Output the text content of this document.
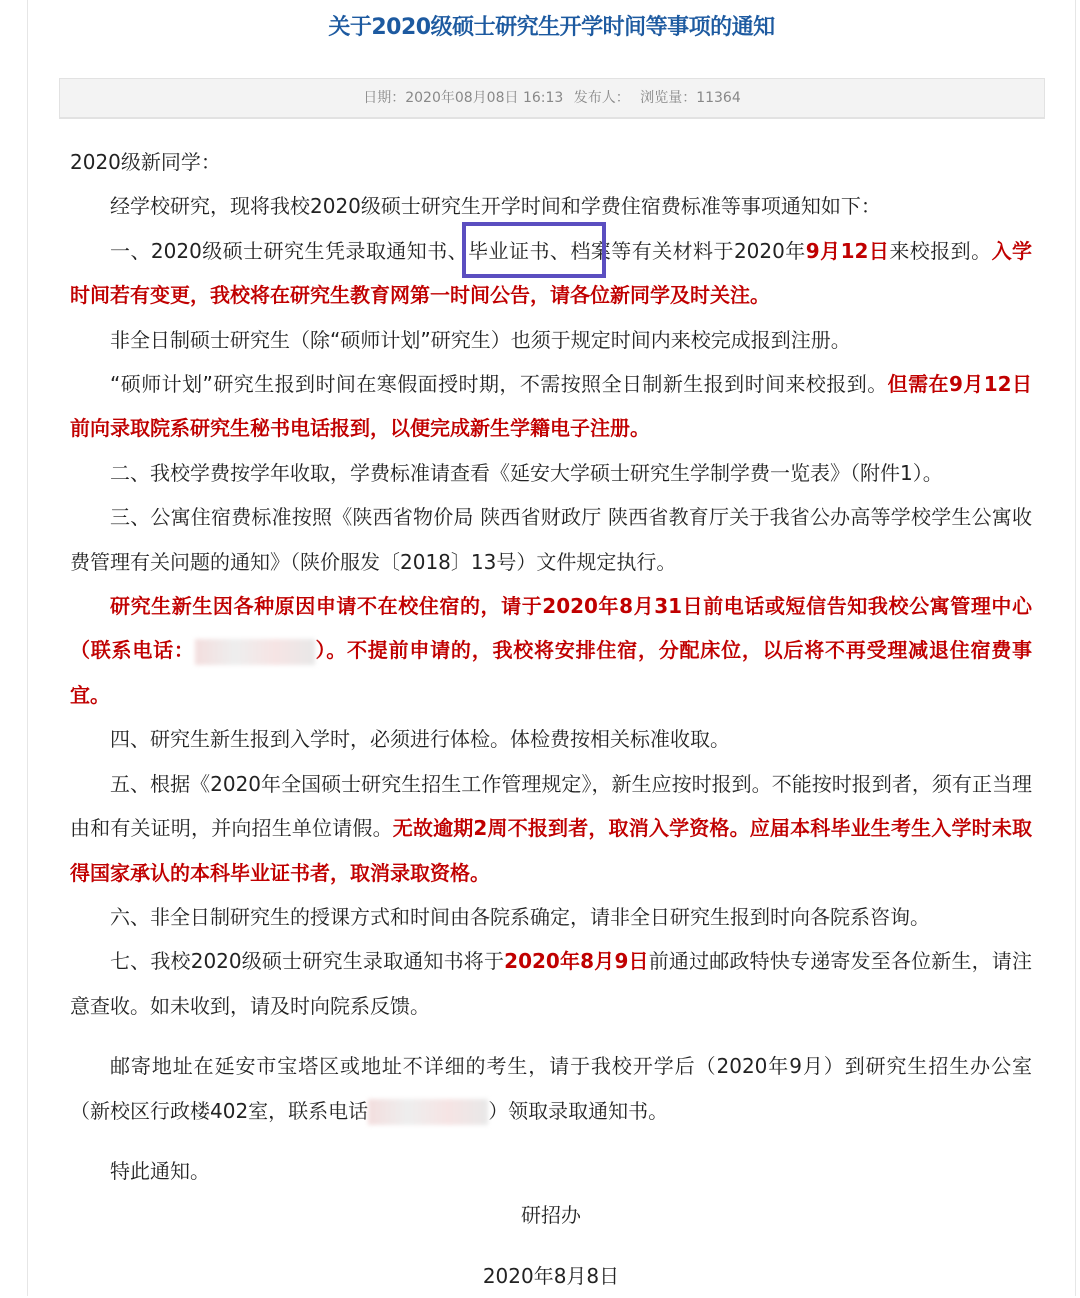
关于2020级硕士研究生开学时间等事项的通知
日期：2020年08月08日 16:13 发布人： 浏览量：11364

2020级新同学：

经学校研究，现将我校2020级硕士研究生开学时间和学费住宿费标准等事项通知如下：

一、2020级硕士研究生凭录取通知书、毕业证书、档案等有关材料于2020年9月12日来校报到。入学时间若有变更，我校将在研究生教育网第一时间公告，请各位新同学及时关注。

非全日制硕士研究生（除“硕师计划”研究生）也须于规定时间内来校完成报到注册。

“硕师计划”研究生报到时间在寒假面授时期，不需按照全日制新生报到时间来校报到。但需在9月12日前向录取院系研究生秘书电话报到，以便完成新生学籍电子注册。

二、我校学费按学年收取，学费标准请查看《延安大学硕士研究生学制学费一览表》（附件1）。

三、公寓住宿费标准按照《陕西省物价局 陕西省财政厅 陕西省教育厅关于我省公办高等学校学生公寓收费管理有关问题的通知》（陕价服发〔2018〕13号）文件规定执行。

研究生新生因各种原因申请不在校住宿的，请于2020年8月31日前电话或短信告知我校公寓管理中心（联系电话：	）。不提前申请的，我校将安排住宿，分配床位，以后将不再受理减退住宿费事宜。

四、研究生新生报到入学时，必须进行体检。体检费按相关标准收取。

五、根据《2020年全国硕士研究生招生工作管理规定》，新生应按时报到。不能按时报到者，须有正当理由和有关证明，并向招生单位请假。无故逾期2周不报到者，取消入学资格。应届本科毕业生考生入学时未取得国家承认的本科毕业证书者，取消录取资格。

六、非全日制研究生的授课方式和时间由各院系确定，请非全日研究生报到时向各院系咨询。

七、我校2020级硕士研究生录取通知书将于2020年8月9日前通过邮政特快专递寄发至各位新生，请注意查收。如未收到，请及时向院系反馈。

邮寄地址在延安市宝塔区或地址不详细的考生，请于我校开学后（2020年9月）到研究生招生办公室（新校区行政楼402室，联系电话	）领取录取通知书。

特此通知。

研招办

2020年8月8日
